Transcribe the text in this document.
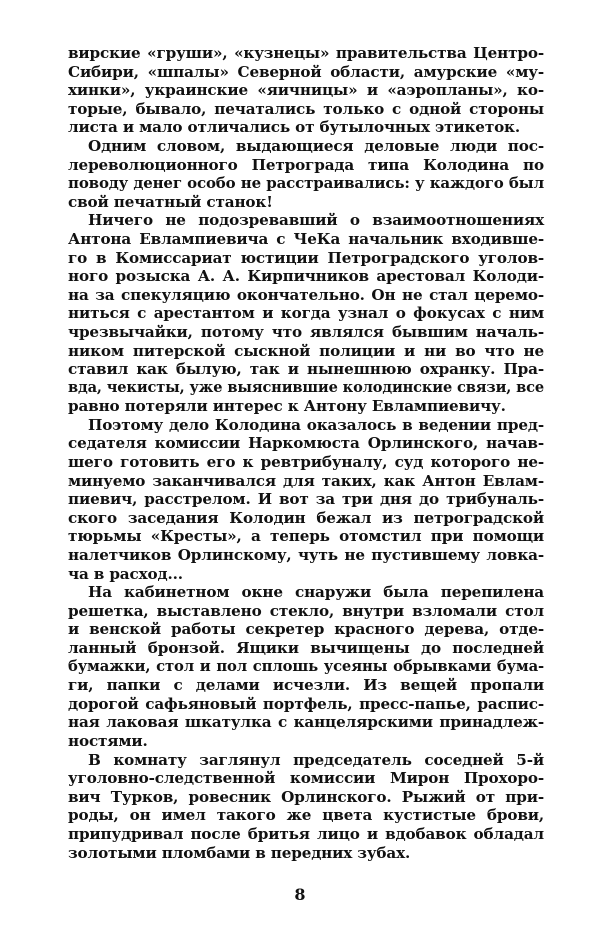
вирские «груши», «кузнецы» правительства Центро-
Сибири, «шпалы» Северной области, амурские «му-
хинки», украинские «яичницы» и «аэропланы», ко-
торые, бывало, печатались только с одной стороны
листа и мало отличались от бутылочных этикеток.
Одним словом, выдающиеся деловые люди пос-
лереволюционного Петрограда типа Колодина по
поводу денег особо не расстраивались: у каждого был
свой печатный станок!
Ничего не подозревавший о взаимоотношениях
Антона Евлампиевича с ЧеКа начальник входивше-
го в Комиссариат юстиции Петроградского уголов-
ного розыска А. А. Кирпичников арестовал Колоди-
на за спекуляцию окончательно. Он не стал церемо-
ниться с арестантом и когда узнал о фокусах с ним
чрезвычайки, потому что являлся бывшим началь-
ником питерской сыскной полиции и ни во что не
ставил как былую, так и нынешнюю охранку. Пра-
вда, чекисты, уже выяснившие колодинские связи, все
равно потеряли интерес к Антону Евлампиевичу.
Поэтому дело Колодина оказалось в ведении пред-
седателя комиссии Наркомюста Орлинского, начав-
шего готовить его к ревтрибуналу, суд которого не-
минуемо заканчивался для таких, как Антон Евлам-
пиевич, расстрелом. И вот за три дня до трибуналь-
ского заседания Колодин бежал из петроградской
тюрьмы «Кресты», а теперь отомстил при помощи
налетчиков Орлинскому, чуть не пустившему ловка-
ча в расход...
На кабинетном окне снаружи была перепилена
решетка, выставлено стекло, внутри взломали стол
и венской работы секретер красного дерева, отде-
ланный бронзой. Ящики вычищены до последней
бумажки, стол и пол сплошь усеяны обрывками бума-
ги, папки с делами исчезли. Из вещей пропали
дорогой сафьяновый портфель, пресс-папье, распис-
ная лаковая шкатулка с канцелярскими принадлеж-
ностями.
В комнату заглянул председатель соседней 5-й
уголовно-следственной комиссии Мирон Прохоро-
вич Турков, ровесник Орлинского. Рыжий от при-
роды, он имел такого же цвета кустистые брови,
припудривал после бритья лицо и вдобавок обладал
золотыми пломбами в передних зубах.
8
